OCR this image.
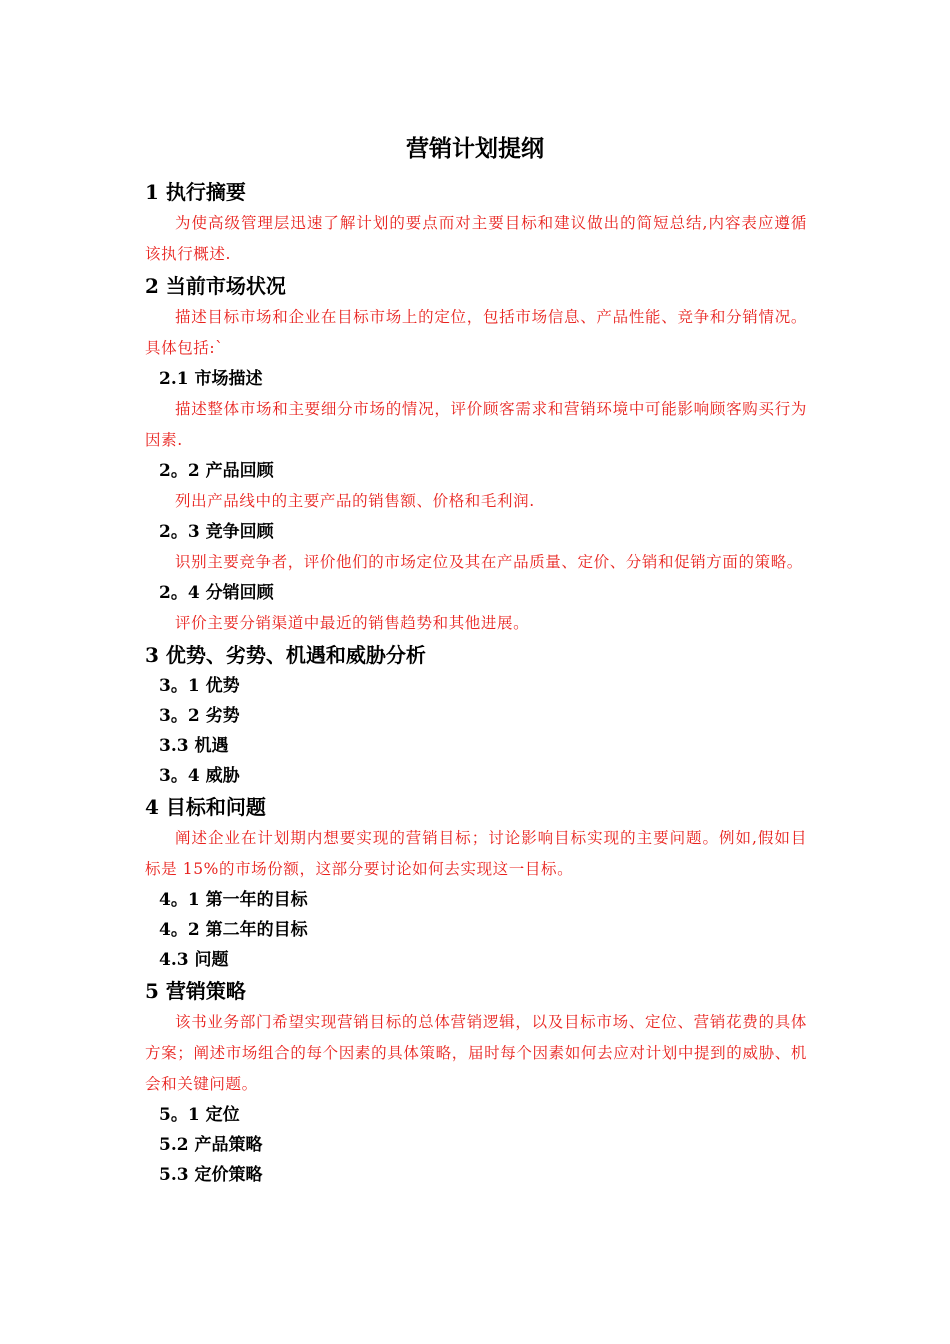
营销计划提纲
1 执行摘要

为使高级管理层迅速了解计划的要点而对主要目标和建议做出的简短总结,内容表应遵循该执行概述.

2 当前市场状况

描述目标市场和企业在目标市场上的定位，包括市场信息、产品性能、竞争和分销情况。具体包括:`

2.1 市场描述

描述整体市场和主要细分市场的情况，评价顾客需求和营销环境中可能影响顾客购买行为因素.

2。2 产品回顾

列出产品线中的主要产品的销售额、价格和毛利润.

2。3 竞争回顾

识别主要竞争者，评价他们的市场定位及其在产品质量、定价、分销和促销方面的策略。

2。4 分销回顾

评价主要分销渠道中最近的销售趋势和其他进展。

3 优势、劣势、机遇和威胁分析
3。1 优势
3。2 劣势
3.3 机遇
3。4 威胁
4 目标和问题

阐述企业在计划期内想要实现的营销目标；讨论影响目标实现的主要问题。例如,假如目标是 15%的市场份额，这部分要讨论如何去实现这一目标。

4。1 第一年的目标
4。2 第二年的目标
4.3 问题
5 营销策略

该书业务部门希望实现营销目标的总体营销逻辑，以及目标市场、定位、营销花费的具体方案；阐述市场组合的每个因素的具体策略，届时每个因素如何去应对计划中提到的威胁、机会和关键问题。

5。1 定位
5.2 产品策略
5.3 定价策略
